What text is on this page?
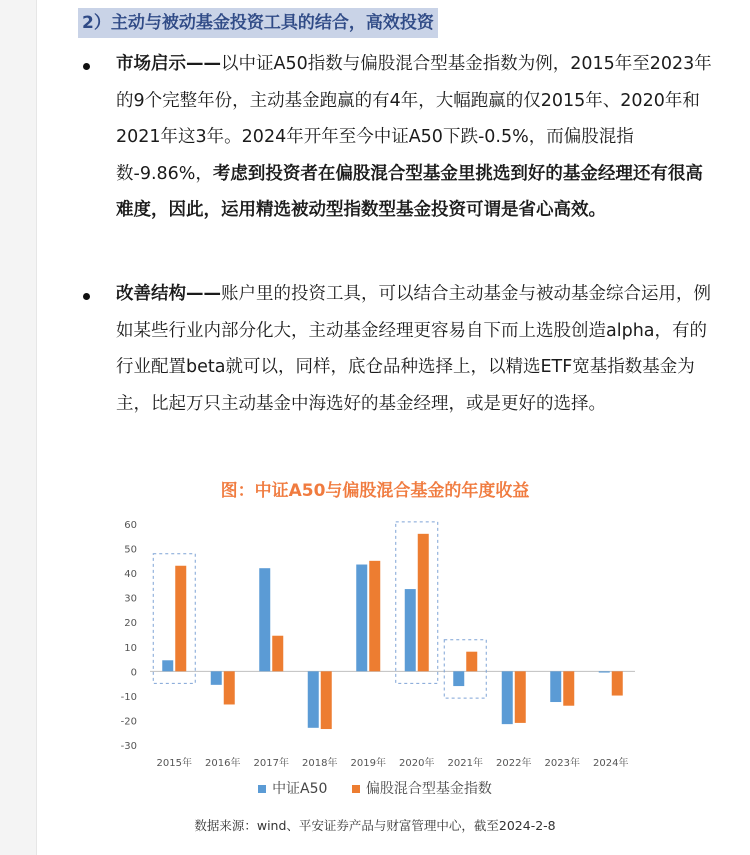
2）主动与被动基金投资工具的结合，高效投资
市场启示——以中证A50指数与偏股混合型基金指数为例，2015年至2023年的9个完整年份，主动基金跑赢的有4年，大幅跑赢的仅2015年、2020年和2021年这3年。2024年开年至今中证A50下跌-0.5%，而偏股混指数-9.86%，考虑到投资者在偏股混合型基金里挑选到好的基金经理还有很高难度，因此，运用精选被动型指数型基金投资可谓是省心高效。
改善结构——账户里的投资工具，可以结合主动基金与被动基金综合运用，例如某些行业内部分化大，主动基金经理更容易自下而上选股创造alpha，有的行业配置beta就可以，同样，底仓品种选择上，以精选ETF宽基指数基金为主，比起万只主动基金中海选好的基金经理，或是更好的选择。
图：中证A50与偏股混合基金的年度收益
60
50
40
30
20
10
0
-10
-20
-30
2015年 2016年 2017年 2018年 2019年 2020年 2021年 2022年 2023年 2024年
中证A50	偏股混合型基金指数
数据来源：wind、平安证券产品与财富管理中心，截至2024-2-8
